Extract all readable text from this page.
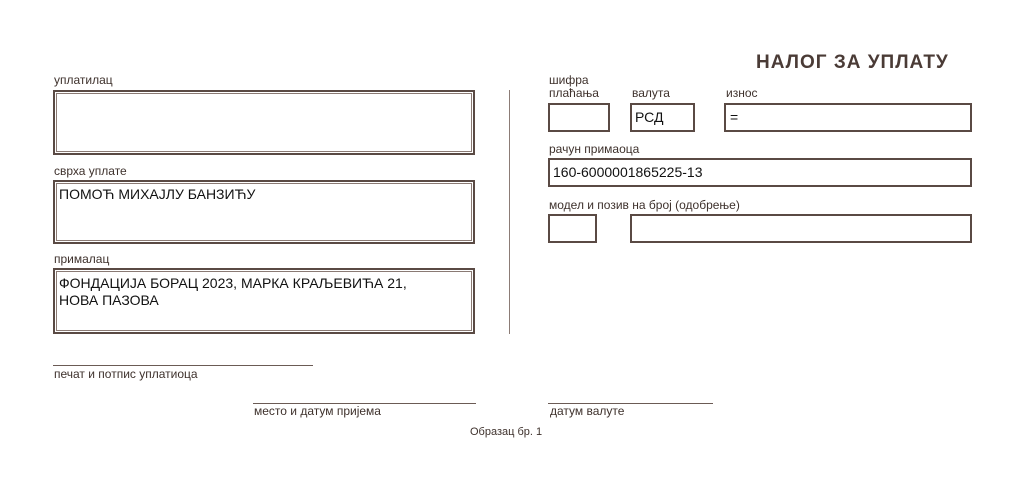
НАЛОГ ЗА УПЛАТУ
уплатилац
сврха уплате
ПОМОЋ МИХАЈЛУ БАНЗИЋУ
прималац
ФОНДАЦИЈА БОРАЦ 2023, МАРКА КРАЉЕВИЋА 21,
НОВА ПАЗОВА
шифра
плаћања	валута
РСД
износ
=
рачун примаоца
160-6000001865225-13
модел и позив на број (одобрење)
печат и потпис уплатиоца
место и датум пријема	датум валуте
Образац бр. 1
